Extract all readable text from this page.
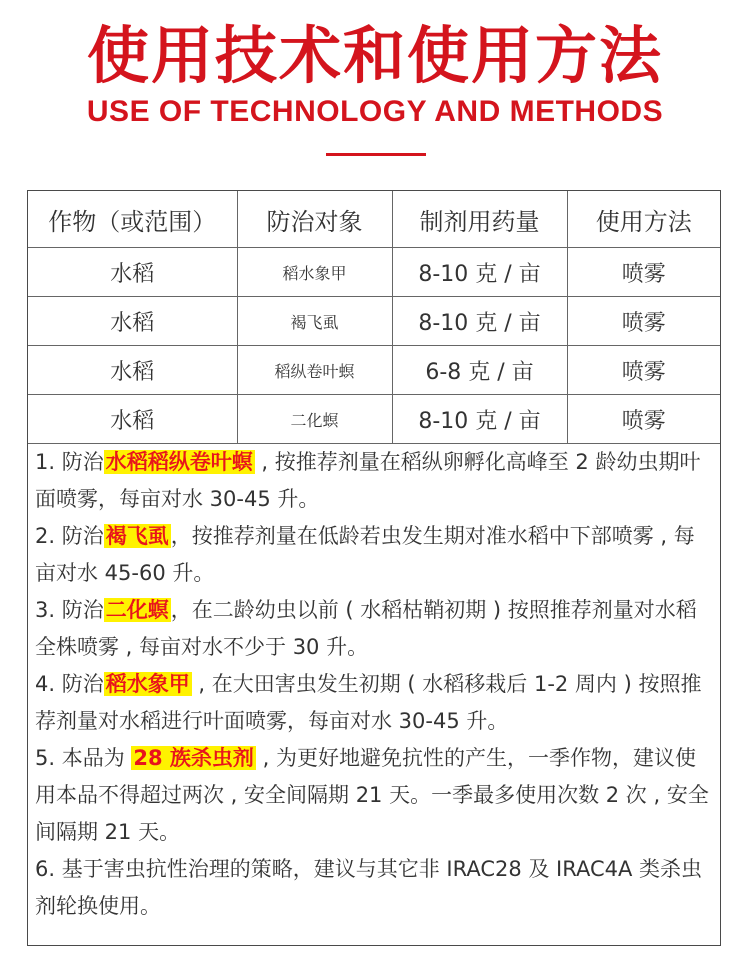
使用技术和使用方法
USE OF TECHNOLOGY AND METHODS
作物（或范围）	防治对象	制剂用药量	使用方法
水稻	稻水象甲	8-10 克 / 亩	喷雾
水稻	褐飞虱	8-10 克 / 亩	喷雾
水稻	稻纵卷叶螟	6-8 克 / 亩	喷雾
水稻	二化螟	8-10 克 / 亩	喷雾

1. 防治水稻稻纵卷叶螟 , 按推荐剂量在稻纵卵孵化高峰至 2 龄幼虫期叶面喷雾，每亩对水 30-45 升。

2. 防治褐飞虱，按推荐剂量在低龄若虫发生期对准水稻中下部喷雾 , 每亩对水 45-60 升。

3. 防治二化螟，在二龄幼虫以前 ( 水稻枯鞘初期 ) 按照推荐剂量对水稻全株喷雾 , 每亩对水不少于 30 升。

4. 防治稻水象甲 , 在大田害虫发生初期 ( 水稻移栽后 1-2 周内 ) 按照推荐剂量对水稻进行叶面喷雾，每亩对水 30-45 升。

5. 本品为 28 族杀虫剂 , 为更好地避免抗性的产生，一季作物，建议使用本品不得超过两次 , 安全间隔期 21 天。一季最多使用次数 2 次 , 安全间隔期 21 天。

6. 基于害虫抗性治理的策略，建议与其它非 IRAC28 及 IRAC4A 类杀虫剂轮换使用。
